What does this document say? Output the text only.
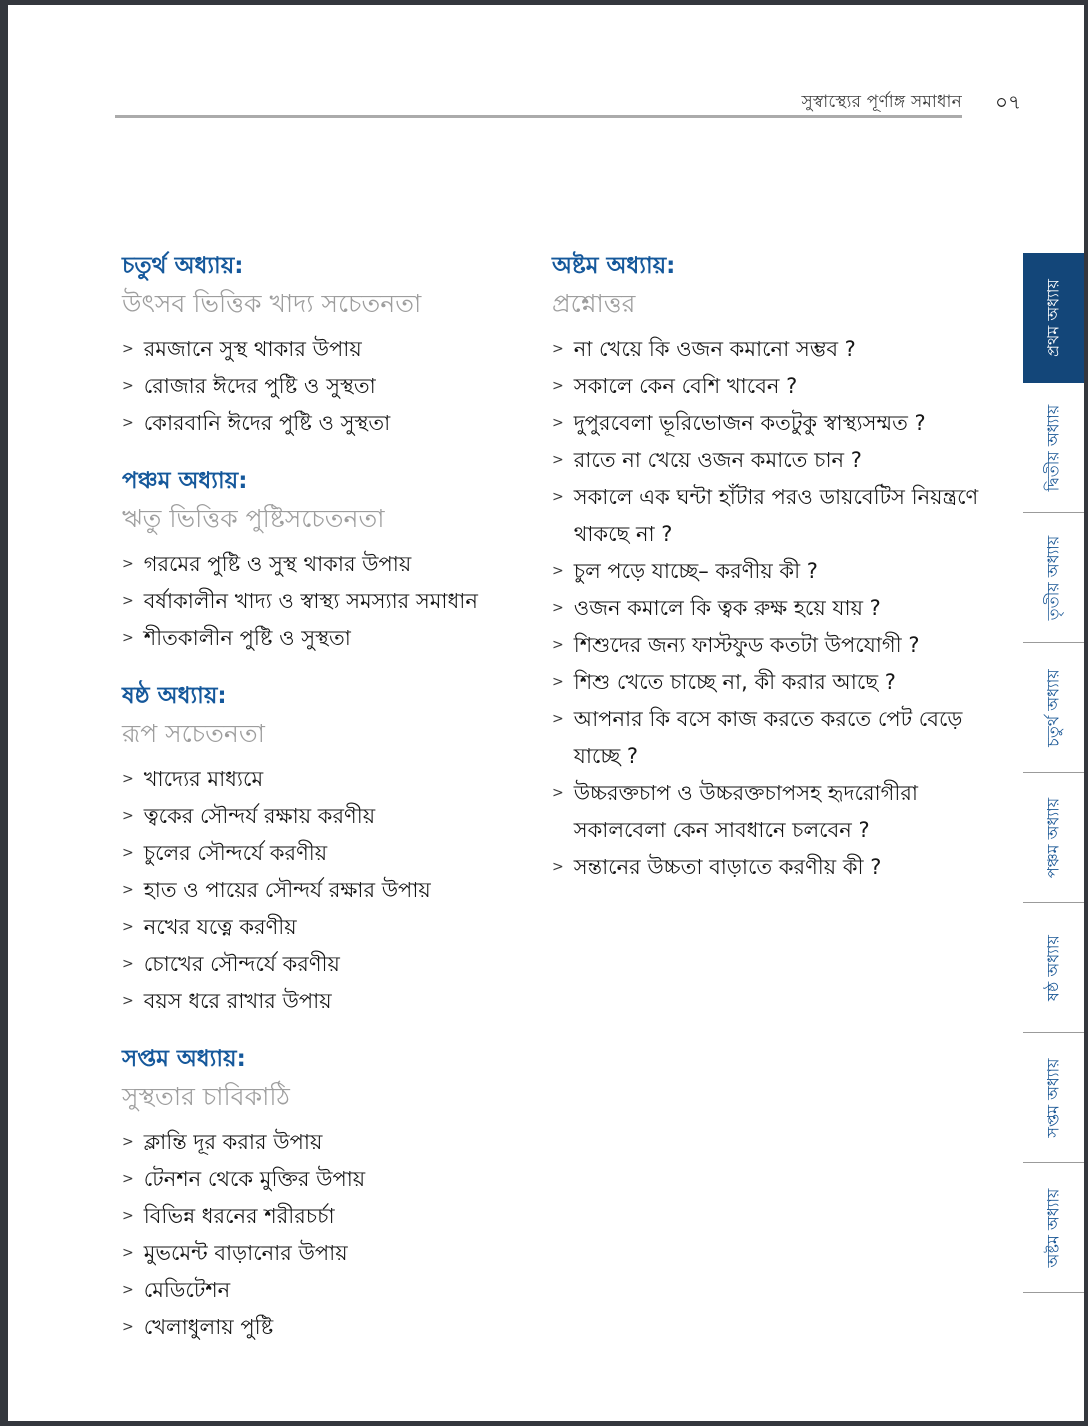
সুস্বাস্থ্যের পূর্ণাঙ্গ সমাধান	০৭
চতুর্থ অধ্যায়:
উৎসব ভিত্তিক খাদ্য সচেতনতা
> রমজানে সুস্থ থাকার উপায়
> রোজার ঈদের পুষ্টি ও সুস্থতা
> কোরবানি ঈদের পুষ্টি ও সুস্থতা
পঞ্চম অধ্যায়:
ঋতু ভিত্তিক পুষ্টিসচেতনতা
> গরমের পুষ্টি ও সুস্থ থাকার উপায়
> বর্ষাকালীন খাদ্য ও স্বাস্থ্য সমস্যার সমাধান
> শীতকালীন পুষ্টি ও সুস্থতা
ষষ্ঠ অধ্যায়:
রূপ সচেতনতা
> খাদ্যের মাধ্যমে
> ত্বকের সৌন্দর্য রক্ষায় করণীয়
> চুলের সৌন্দর্যে করণীয়
> হাত ও পায়ের সৌন্দর্য রক্ষার উপায়
> নখের যত্নে করণীয়
> চোখের সৌন্দর্যে করণীয়
> বয়স ধরে রাখার উপায়
সপ্তম অধ্যায়:
সুস্থতার চাবিকাঠি
> ক্লান্তি দূর করার উপায়
> টেনশন থেকে মুক্তির উপায়
> বিভিন্ন ধরনের শরীরচর্চা
> মুভমেন্ট বাড়ানোর উপায়
> মেডিটেশন
> খেলাধুলায় পুষ্টি
অষ্টম অধ্যায়:
প্রশ্নোত্তর
> না খেয়ে কি ওজন কমানো সম্ভব ?
> সকালে কেন বেশি খাবেন ?
> দুপুরবেলা ভূরিভোজন কতটুকু স্বাস্থ্যসম্মত ?
> রাতে না খেয়ে ওজন কমাতে চান ?
> সকালে এক ঘন্টা হাঁটার পরও ডায়বেটিস নিয়ন্ত্রণে থাকছে না ?
> চুল পড়ে যাচ্ছে– করণীয় কী ?
> ওজন কমালে কি ত্বক রুক্ষ হয়ে যায় ?
> শিশুদের জন্য ফাস্টফুড কতটা উপযোগী ?
> শিশু খেতে চাচ্ছে না, কী করার আছে ?
> আপনার কি বসে কাজ করতে করতে পেট বেড়ে যাচ্ছে ?
> উচ্চরক্তচাপ ও উচ্চরক্তচাপসহ হৃদরোগীরা সকালবেলা কেন সাবধানে চলবেন ?
> সন্তানের উচ্চতা বাড়াতে করণীয় কী ?
প্রথম অধ্যায়
দ্বিতীয় অধ্যায়
তৃতীয় অধ্যায়
চতুর্থ অধ্যায়
পঞ্চম অধ্যায়
ষষ্ঠ অধ্যায়
সপ্তম অধ্যায়
অষ্টম অধ্যায়
